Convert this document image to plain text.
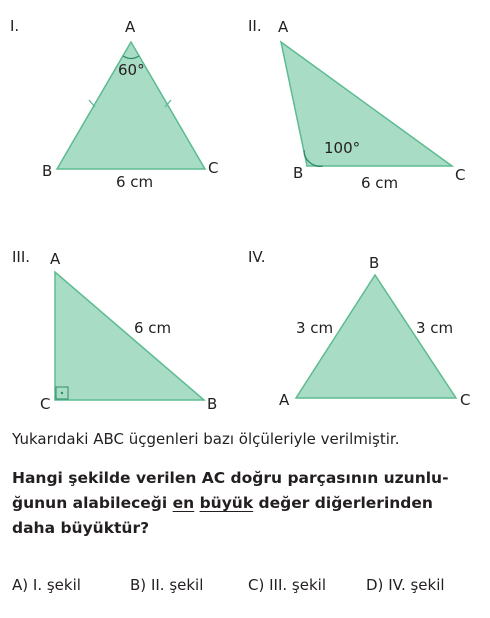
I.	A
B	C
60°
6 cm
II. A
B	C
100°
6 cm
III. A
C	B
6 cm
IV.	B
A	C
3 cm	3 cm
Yukarıdaki ABC üçgenleri bazı ölçüleriyle verilmiştir.
Hangi şekilde verilen AC doğru parçasının uzunlu-
ğunun alabileceği en büyük değer diğerlerinden
daha büyüktür?
A) I. şekil	B) II. şekil	C) III. şekil	D) IV. şekil
